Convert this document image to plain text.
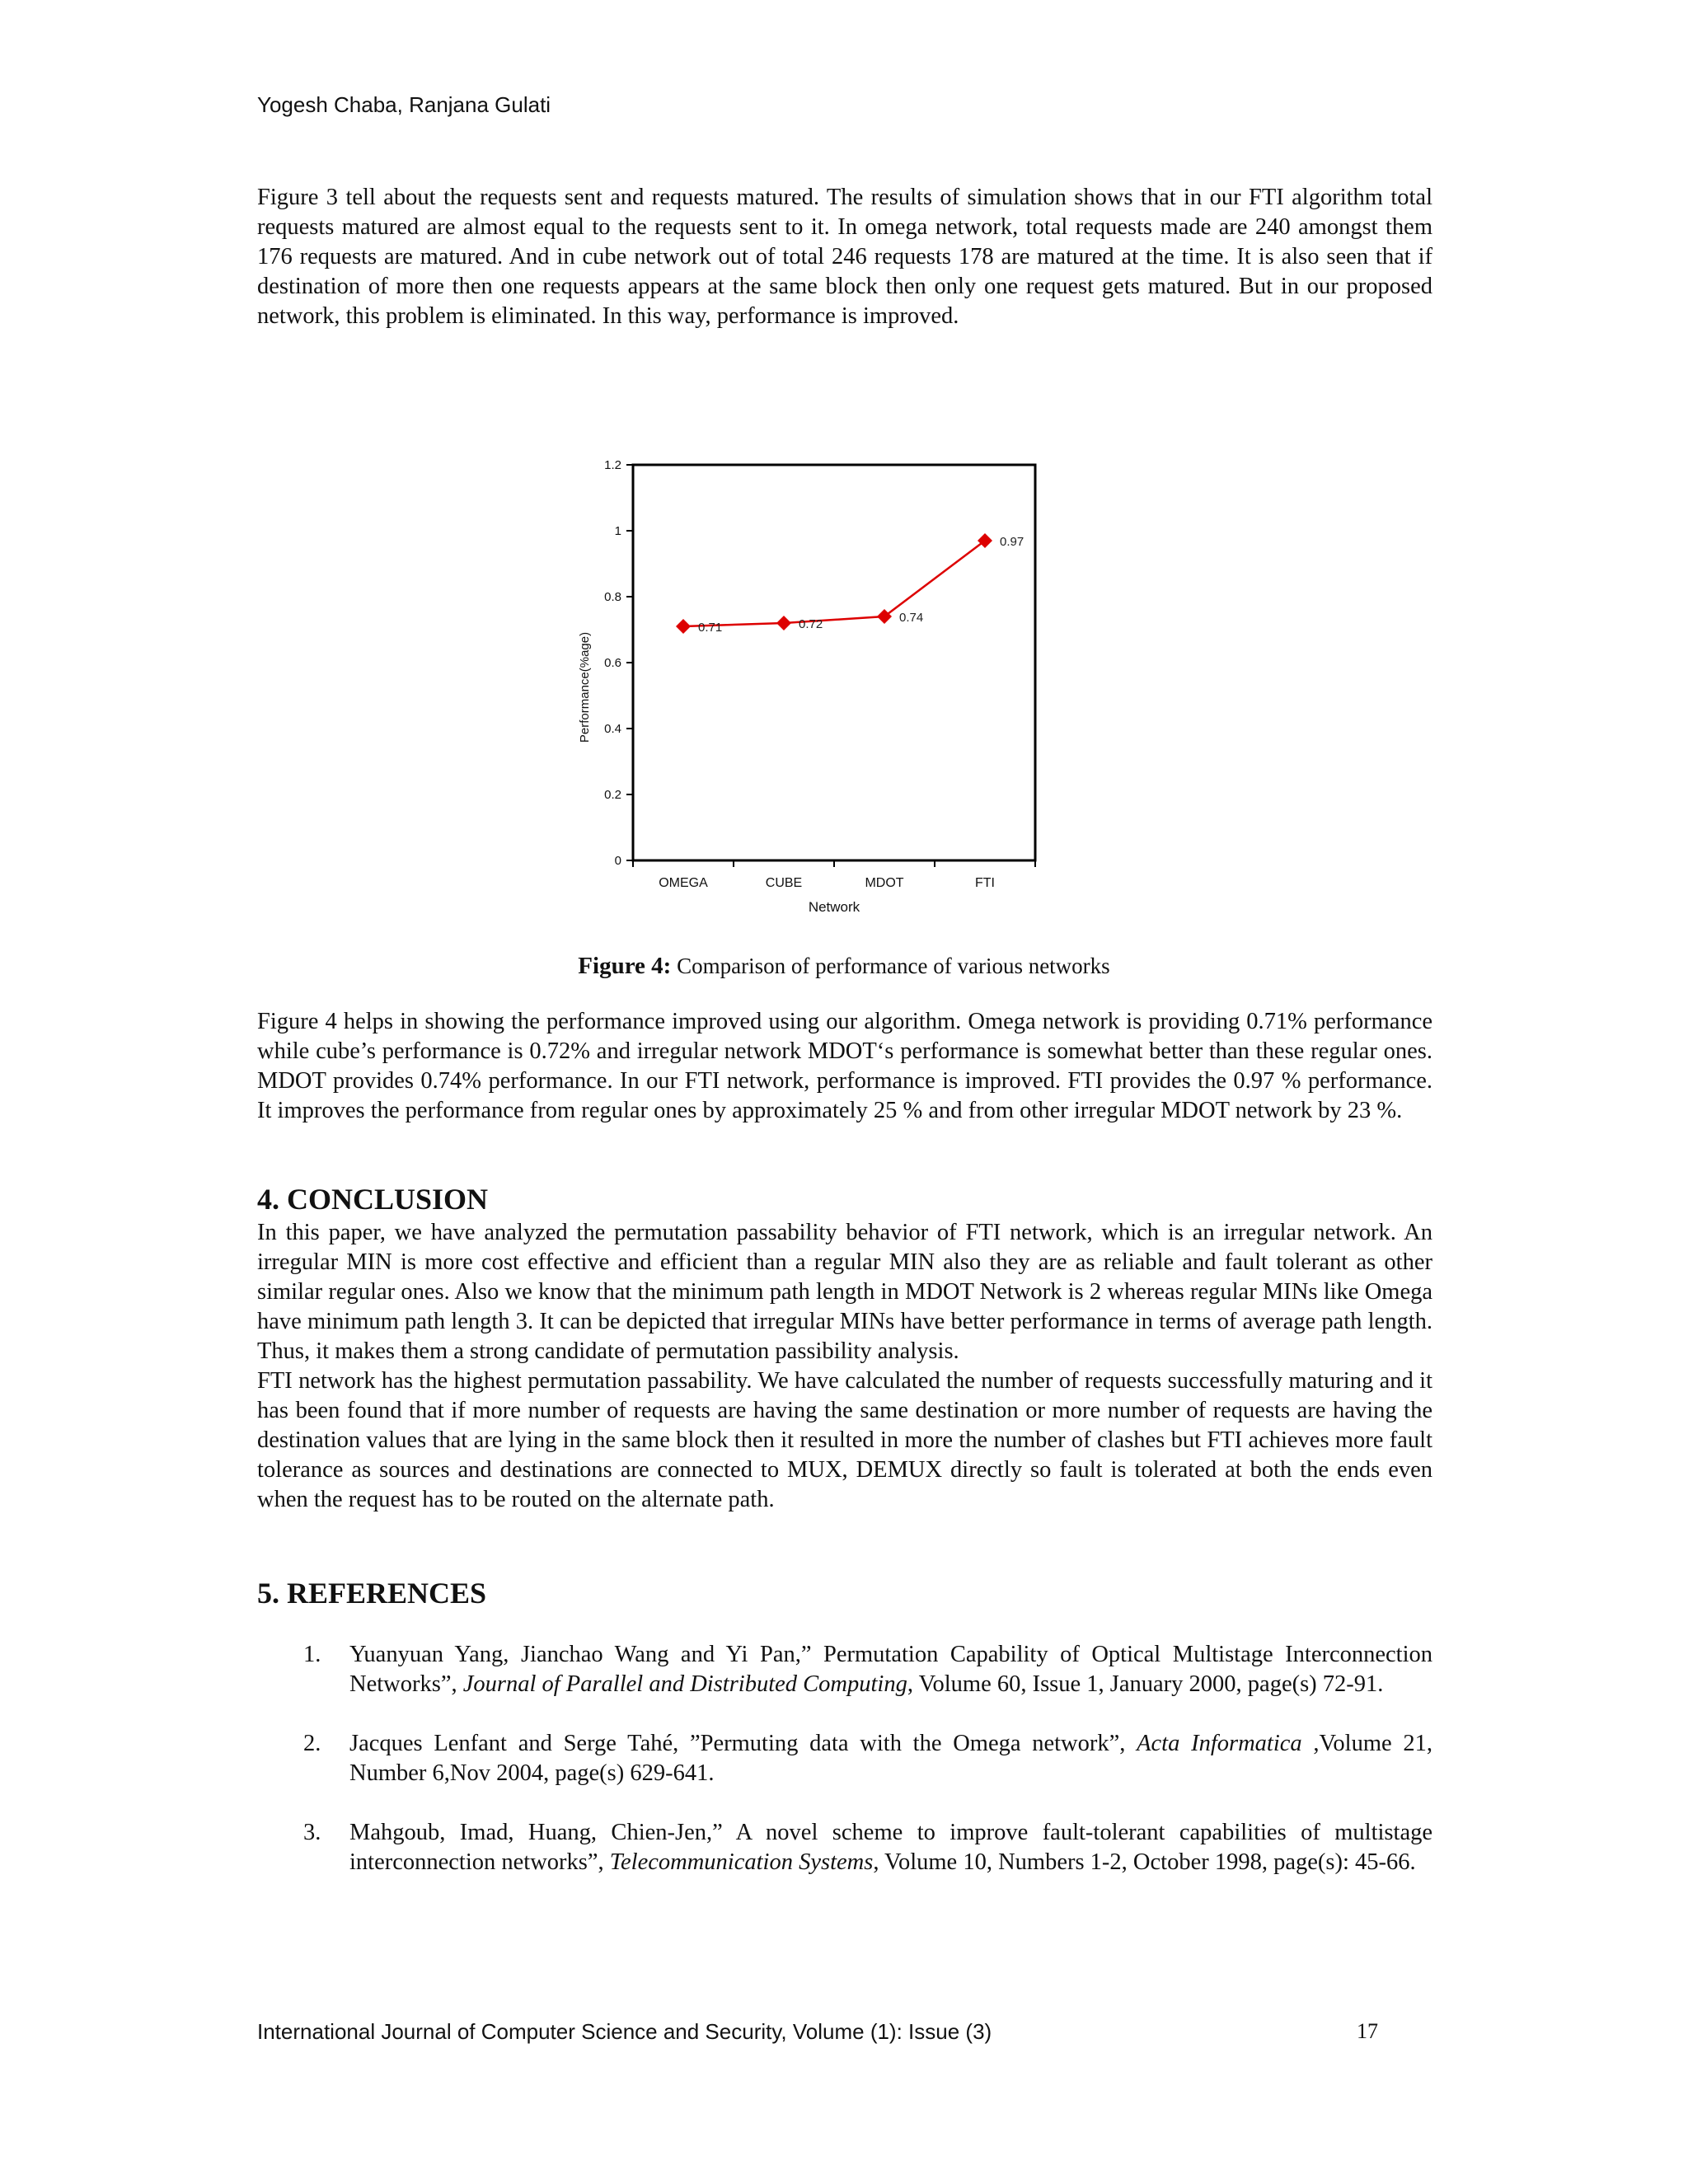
Yogesh Chaba, Ranjana Gulati

Figure 3 tell about the requests sent and requests matured. The results of simulation shows that in our FTI algorithm total requests matured are almost equal to the requests sent to it. In omega network, total requests made are 240 amongst them 176 requests are matured. And in cube network out of total 246 requests 178 are matured at the time. It is also seen that if destination of more then one requests appears at the same block then only one request gets matured. But in our proposed network, this problem is eliminated. In this way, performance is improved.

Performance(%age)
Network
0
0.2
0.4
0.6
0.8
1
1.2
OMEGA	CUBE	MDOT	FTI
0.71	0.72	0.74
0.97
Figure 4: Comparison of performance of various networks

Figure 4 helps in showing the performance improved using our algorithm. Omega network is providing 0.71% performance while cube’s performance is 0.72% and irregular network MDOT‘s performance is somewhat better than these regular ones. MDOT provides 0.74% performance. In our FTI network, performance is improved. FTI provides the 0.97 % performance. It improves the performance from regular ones by approximately 25 % and from other irregular MDOT network by 23 %.

4. CONCLUSION

In this paper, we have analyzed the permutation passability behavior of FTI network, which is an irregular network. An irregular MIN is more cost effective and efficient than a regular MIN also they are as reliable and fault tolerant as other similar regular ones. Also we know that the minimum path length in MDOT Network is 2 whereas regular MINs like Omega have minimum path length 3. It can be depicted that irregular MINs have better performance in terms of average path length. Thus, it makes them a strong candidate of permutation passibility analysis.

FTI network has the highest permutation passability. We have calculated the number of requests successfully maturing and it has been found that if more number of requests are having the same destination or more number of requests are having the destination values that are lying in the same block then it resulted in more the number of clashes but FTI achieves more fault tolerance as sources and destinations are connected to MUX, DEMUX directly so fault is tolerated at both the ends even when the request has to be routed on the alternate path.

5. REFERENCES
1. Yuanyuan Yang, Jianchao Wang and Yi Pan,” Permutation Capability of Optical Multistage Interconnection Networks”, Journal of Parallel and Distributed Computing, Volume 60, Issue 1, January 2000, page(s) 72-91.
2. Jacques Lenfant and Serge Tahé, ”Permuting data with the Omega network”, Acta Informatica ,Volume 21, Number 6,Nov 2004, page(s) 629-641.
3. Mahgoub, Imad, Huang, Chien-Jen,” A novel scheme to improve fault-tolerant capabilities of multistage interconnection networks”, Telecommunication Systems, Volume 10, Numbers 1-2, October 1998, page(s): 45-66.
International Journal of Computer Science and Security, Volume (1): Issue (3)	17
